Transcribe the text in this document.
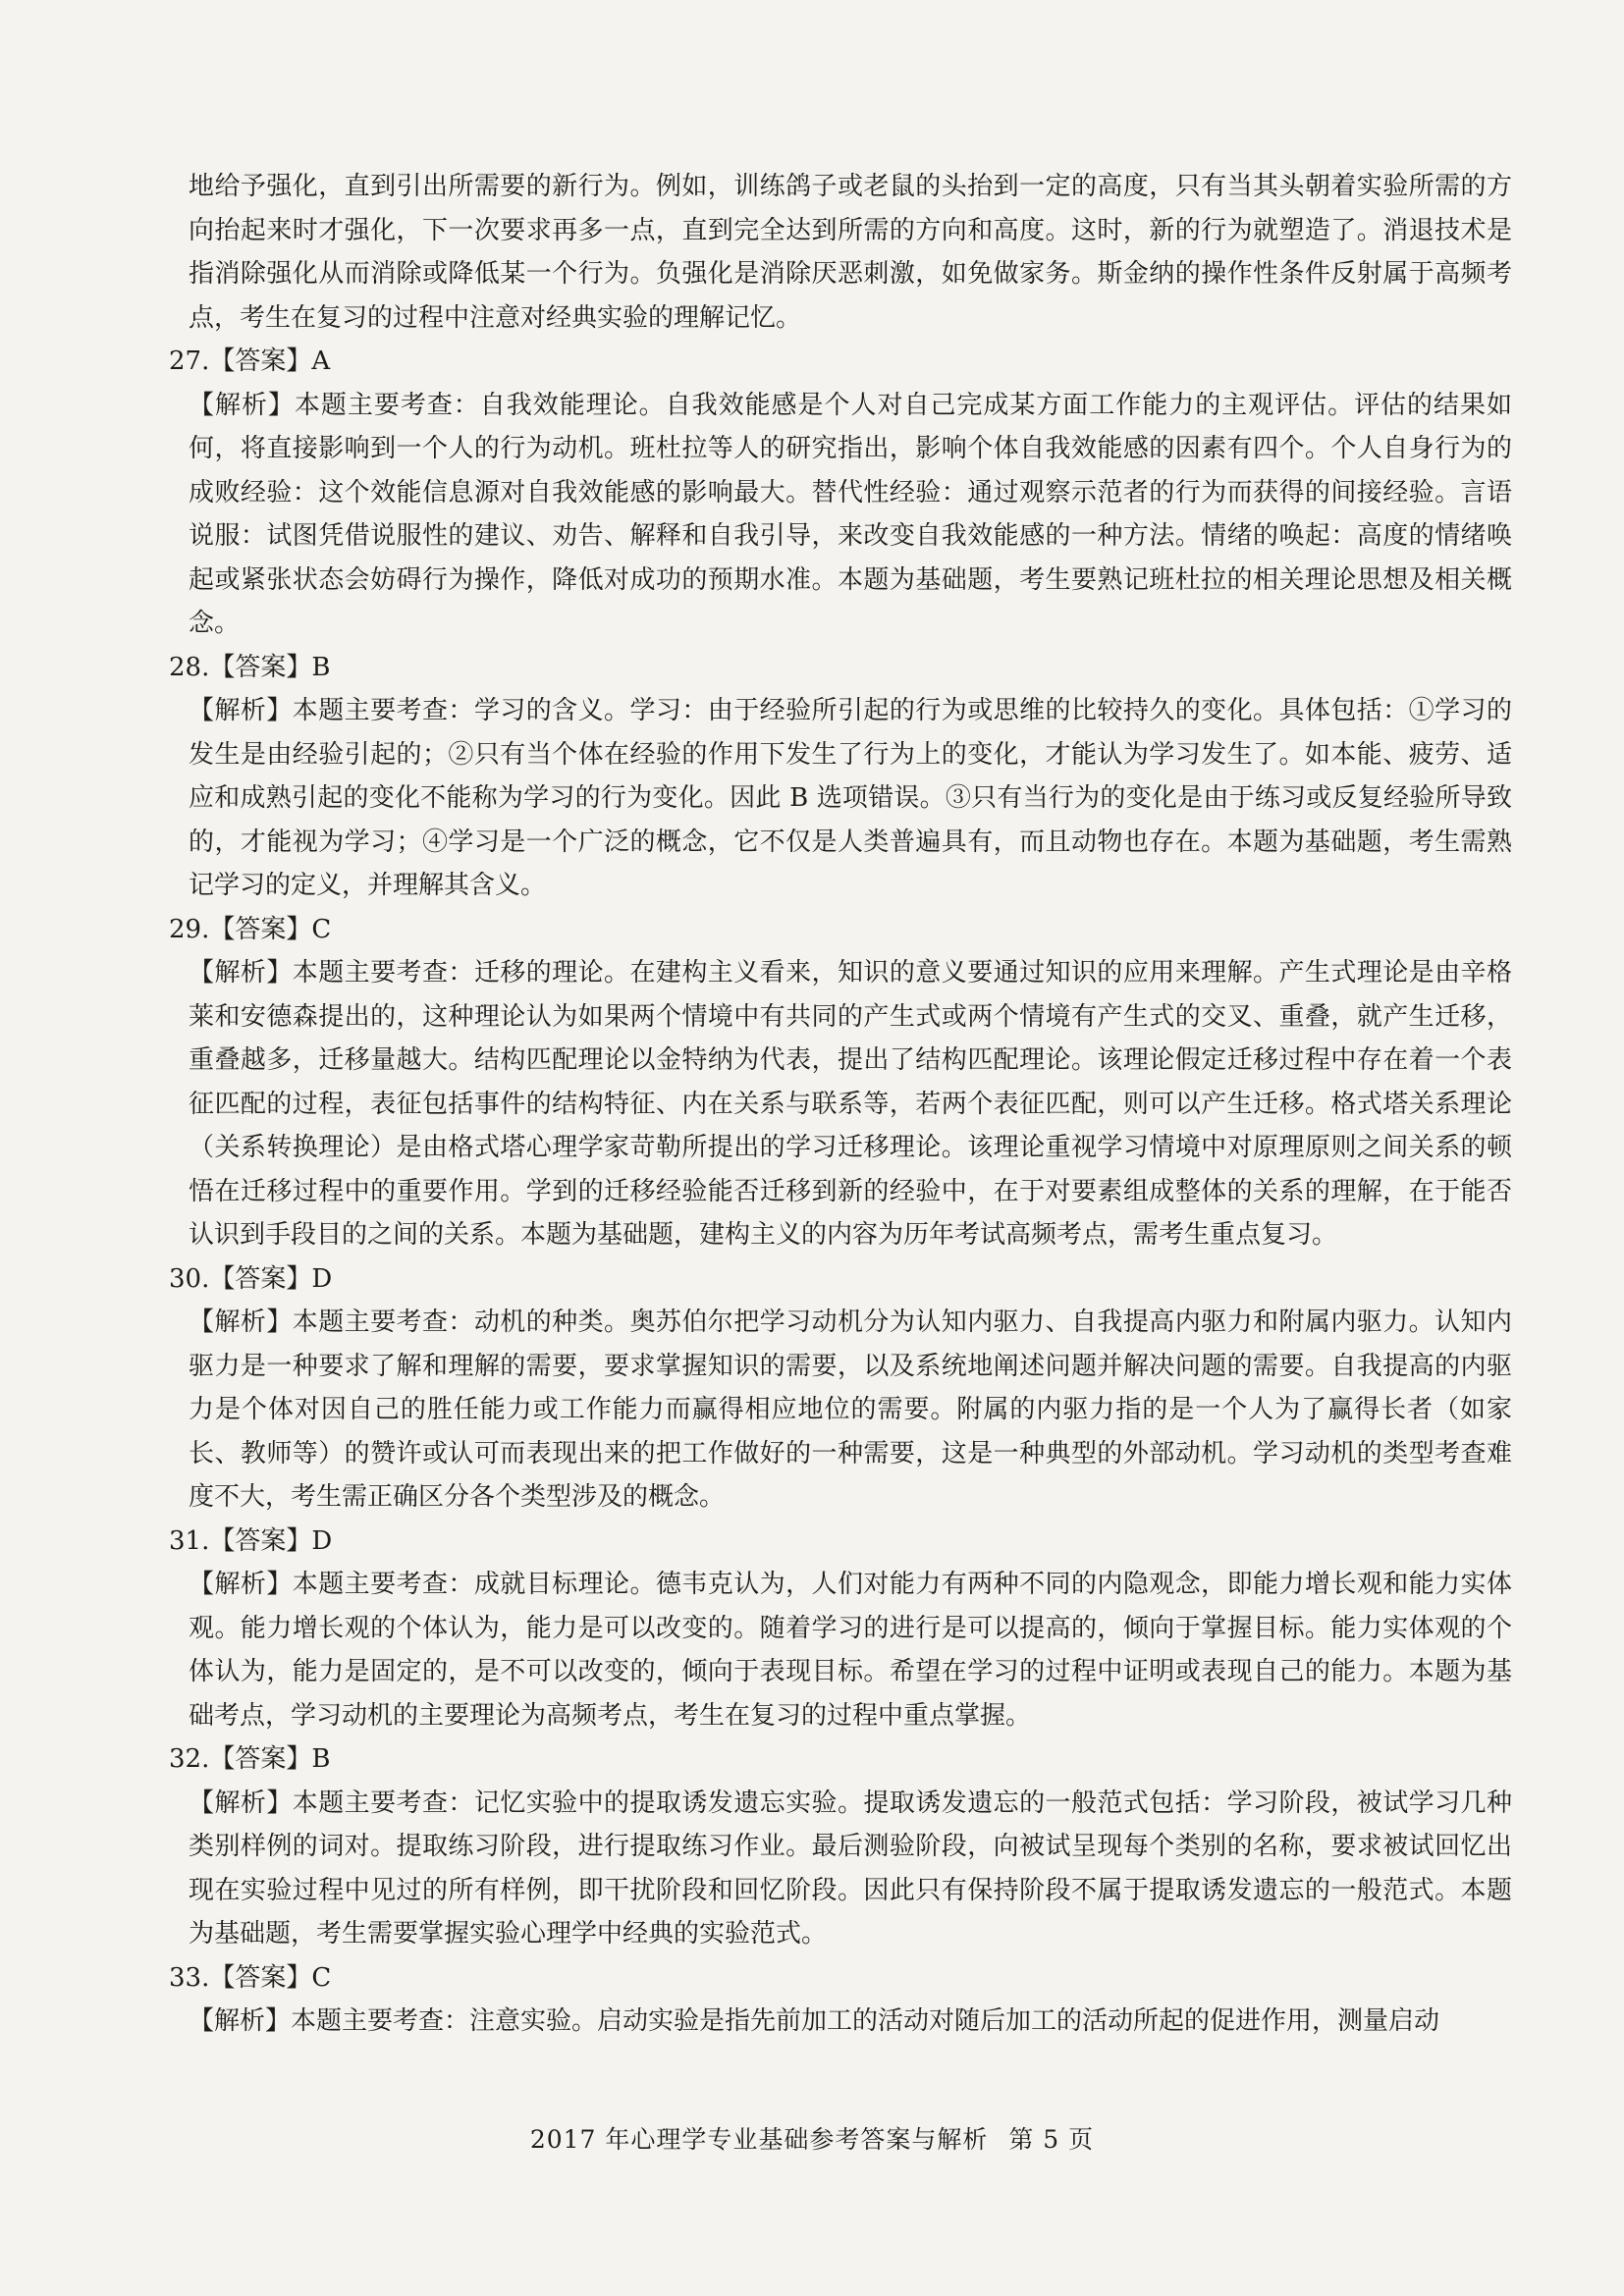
地给予强化，直到引出所需要的新行为。例如，训练鸽子或老鼠的头抬到一定的高度，只有当其头朝着实验所需的方向抬起来时才强化，下一次要求再多一点，直到完全达到所需的方向和高度。这时，新的行为就塑造了。消退技术是指消除强化从而消除或降低某一个行为。负强化是消除厌恶刺激，如免做家务。斯金纳的操作性条件反射属于高频考点，考生在复习的过程中注意对经典实验的理解记忆。

27.【答案】A

【解析】本题主要考查：自我效能理论。自我效能感是个人对自己完成某方面工作能力的主观评估。评估的结果如何，将直接影响到一个人的行为动机。班杜拉等人的研究指出，影响个体自我效能感的因素有四个。个人自身行为的成败经验：这个效能信息源对自我效能感的影响最大。替代性经验：通过观察示范者的行为而获得的间接经验。言语说服：试图凭借说服性的建议、劝告、解释和自我引导，来改变自我效能感的一种方法。情绪的唤起：高度的情绪唤起或紧张状态会妨碍行为操作，降低对成功的预期水准。本题为基础题，考生要熟记班杜拉的相关理论思想及相关概念。

28.【答案】B

【解析】本题主要考查：学习的含义。学习：由于经验所引起的行为或思维的比较持久的变化。具体包括：①学习的发生是由经验引起的；②只有当个体在经验的作用下发生了行为上的变化，才能认为学习发生了。如本能、疲劳、适应和成熟引起的变化不能称为学习的行为变化。因此 B 选项错误。③只有当行为的变化是由于练习或反复经验所导致的，才能视为学习；④学习是一个广泛的概念，它不仅是人类普遍具有，而且动物也存在。本题为基础题，考生需熟记学习的定义，并理解其含义。

29.【答案】C

【解析】本题主要考查：迁移的理论。在建构主义看来，知识的意义要通过知识的应用来理解。产生式理论是由辛格莱和安德森提出的，这种理论认为如果两个情境中有共同的产生式或两个情境有产生式的交叉、重叠，就产生迁移，重叠越多，迁移量越大。结构匹配理论以金特纳为代表，提出了结构匹配理论。该理论假定迁移过程中存在着一个表征匹配的过程，表征包括事件的结构特征、内在关系与联系等，若两个表征匹配，则可以产生迁移。格式塔关系理论（关系转换理论）是由格式塔心理学家苛勒所提出的学习迁移理论。该理论重视学习情境中对原理原则之间关系的顿悟在迁移过程中的重要作用。学到的迁移经验能否迁移到新的经验中，在于对要素组成整体的关系的理解，在于能否认识到手段目的之间的关系。本题为基础题，建构主义的内容为历年考试高频考点，需考生重点复习。

30.【答案】D

【解析】本题主要考查：动机的种类。奥苏伯尔把学习动机分为认知内驱力、自我提高内驱力和附属内驱力。认知内驱力是一种要求了解和理解的需要，要求掌握知识的需要，以及系统地阐述问题并解决问题的需要。自我提高的内驱力是个体对因自己的胜任能力或工作能力而赢得相应地位的需要。附属的内驱力指的是一个人为了赢得长者（如家长、教师等）的赞许或认可而表现出来的把工作做好的一种需要，这是一种典型的外部动机。学习动机的类型考查难度不大，考生需正确区分各个类型涉及的概念。

31.【答案】D

【解析】本题主要考查：成就目标理论。德韦克认为，人们对能力有两种不同的内隐观念，即能力增长观和能力实体观。能力增长观的个体认为，能力是可以改变的。随着学习的进行是可以提高的，倾向于掌握目标。能力实体观的个体认为，能力是固定的，是不可以改变的，倾向于表现目标。希望在学习的过程中证明或表现自己的能力。本题为基础考点，学习动机的主要理论为高频考点，考生在复习的过程中重点掌握。

32.【答案】B

【解析】本题主要考查：记忆实验中的提取诱发遗忘实验。提取诱发遗忘的一般范式包括：学习阶段，被试学习几种类别样例的词对。提取练习阶段，进行提取练习作业。最后测验阶段，向被试呈现每个类别的名称，要求被试回忆出现在实验过程中见过的所有样例，即干扰阶段和回忆阶段。因此只有保持阶段不属于提取诱发遗忘的一般范式。本题为基础题，考生需要掌握实验心理学中经典的实验范式。

33.【答案】C

【解析】本题主要考查：注意实验。启动实验是指先前加工的活动对随后加工的活动所起的促进作用，测量启动

2017 年心理学专业基础参考答案与解析 第 5 页
